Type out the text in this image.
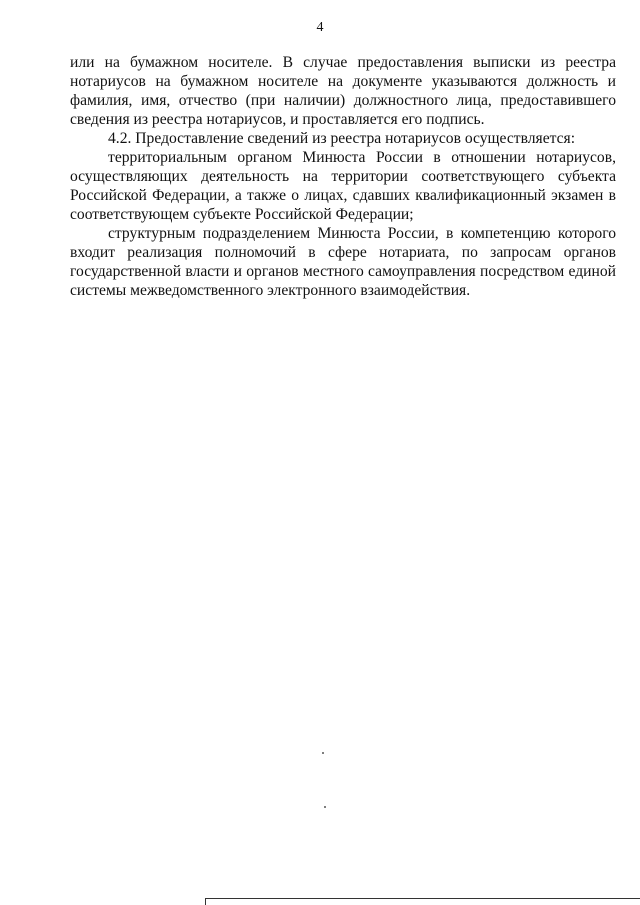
4

или на бумажном носителе. В случае предоставления выписки из реестра нотариусов на бумажном носителе на документе указываются должность и фамилия, имя, отчество (при наличии) должностного лица, предоставившего сведения из реестра нотариусов, и проставляется его подпись.

4.2. Предоставление сведений из реестра нотариусов осуществляется:

территориальным органом Минюста России в отношении нотариусов, осуществляющих деятельность на территории соответствующего субъекта Российской Федерации, а также о лицах, сдавших квалификационный экзамен в соответствующем субъекте Российской Федерации;

структурным подразделением Минюста России, в компетенцию которого входит реализация полномочий в сфере нотариата, по запросам органов государственной власти и органов местного самоуправления посредством единой системы межведомственного электронного взаимодействия.
